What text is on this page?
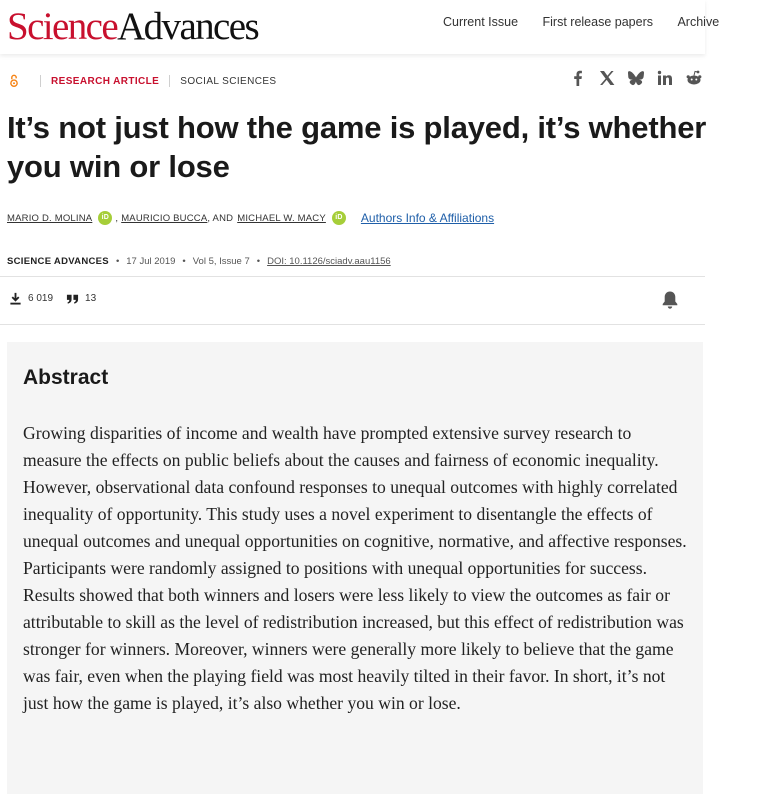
ScienceAdvances	Current Issue First release papers Archive
RESEARCH ARTICLE SOCIAL SCIENCES
It’s not just how the game is played, it’s whether you win or lose
MARIO D. MOLINA	iD , MAURICIO BUCCA , AND MICHAEL W. MACY	iD Authors Info & Affiliations
SCIENCE ADVANCES • 17 Jul 2019 • Vol 5, Issue 7 • DOI: 10.1126/sciadv.aau1156
6 019	13
Abstract

Growing disparities of income and wealth have prompted extensive survey research to measure the effects on public beliefs about the causes and fairness of economic inequality. However, observational data confound responses to unequal outcomes with highly correlated inequality of opportunity. This study uses a novel experiment to disentangle the effects of unequal outcomes and unequal opportunities on cognitive, normative, and affective responses. Participants were randomly assigned to positions with unequal opportunities for success. Results showed that both winners and losers were less likely to view the outcomes as fair or attributable to skill as the level of redistribution increased, but this effect of redistribution was stronger for winners. Moreover, winners were generally more likely to believe that the game was fair, even when the playing field was most heavily tilted in their favor. In short, it’s not just how the game is played, it’s also whether you win or lose.
